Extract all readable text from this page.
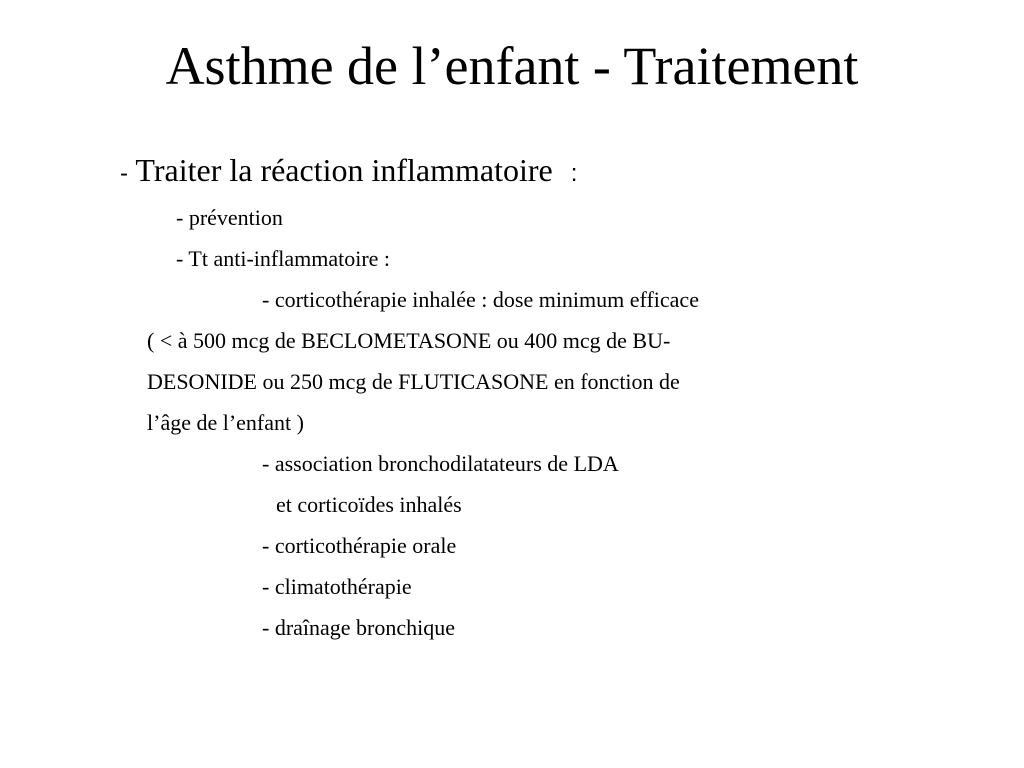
Asthme de l’enfant - Traitement

- Traiter la réaction inflammatoire :

- prévention

- Tt anti-inflammatoire :

- corticothérapie inhalée : dose minimum efficace

( < à 500 mcg de BECLOMETASONE ou 400 mcg de BU-

DESONIDE ou 250 mcg de FLUTICASONE en fonction de

l’âge de l’enfant )

- association bronchodilatateurs de LDA

et corticoïdes inhalés

- corticothérapie orale

- climatothérapie

- draînage bronchique
